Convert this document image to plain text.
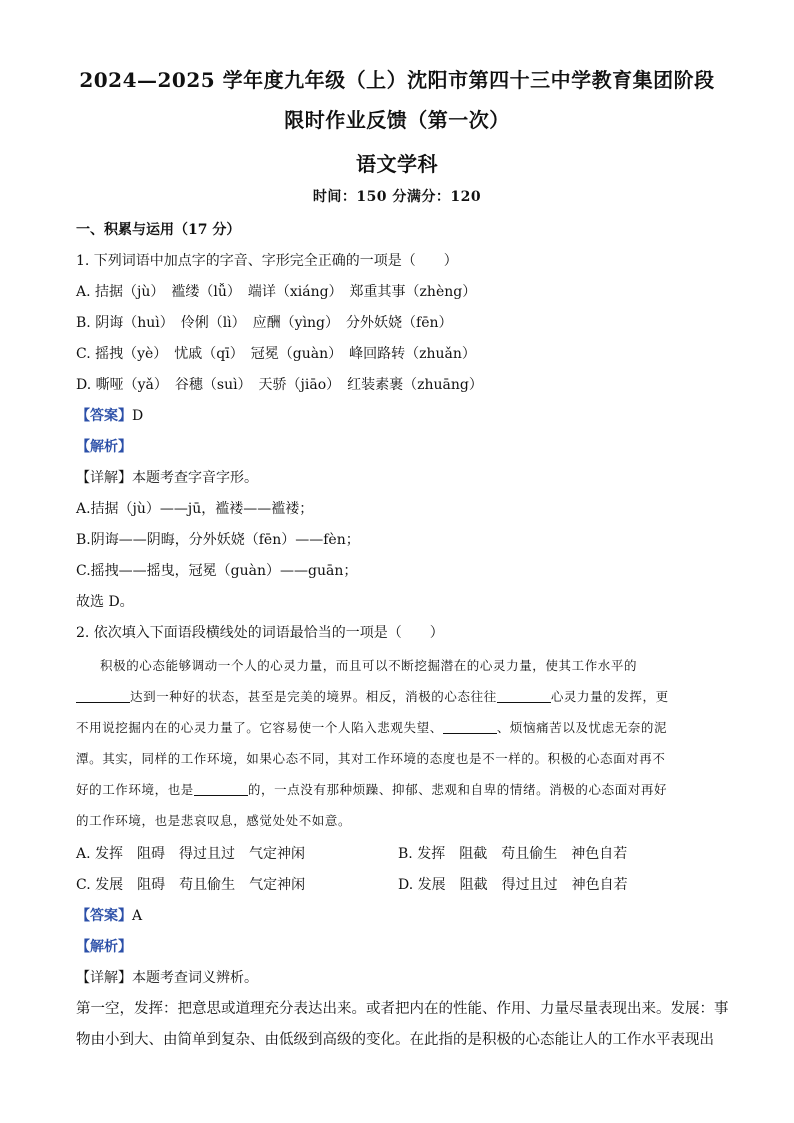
2024—2025 学年度九年级（上）沈阳市第四十三中学教育集团阶段
限时作业反馈（第一次）
语文学科
时间：150 分满分：120
一、积累与运用（17 分）
1. 下列词语中加点字的字音、字形完全正确的一项是（　　）
A. 拮据（jù）　褴缕（lǚ）　端详（xiáng）　郑重其事（zhèng）
B. 阴诲（huì）　伶俐（lì）　应酬（yìng）　分外妖娆（fēn）
C. 摇拽（yè）　忧戚（qī）　冠冕（guàn）　峰回路转（zhuǎn）
D. 嘶哑（yǎ）　谷穗（suì）　天骄（jiāo）　红装素裹（zhuāng）
【答案】D
【解析】
【详解】本题考查字音字形。
A.拮据（jù）——jū，褴褛——褴褛；
B.阴诲——阴晦，分外妖娆（fēn）——fèn；
C.摇拽——摇曳，冠冕（guàn）——guān；
故选 D。
2. 依次填入下面语段横线处的词语最恰当的一项是（　　）
积极的心态能够调动一个人的心灵力量，而且可以不断挖掘潜在的心灵力量，使其工作水平的
达到一种好的状态，甚至是完美的境界。相反，消极的心态往往	心灵力量的发挥，更
不用说挖掘内在的心灵力量了。它容易使一个人陷入悲观失望、	、烦恼痛苦以及忧虑无奈的泥
潭。其实，同样的工作环境，如果心态不同，其对工作环境的态度也是不一样的。积极的心态面对再不
好的工作环境，也是	的，一点没有那种烦躁、抑郁、悲观和自卑的情绪。消极的心态面对再好
的工作环境，也是悲哀叹息，感觉处处不如意。
A. 发挥　阻碍　得过且过　气定神闲	B. 发挥　阻截　苟且偷生　神色自若
C. 发展　阻碍　苟且偷生　气定神闲	D. 发展　阻截　得过且过　神色自若
【答案】A
【解析】
【详解】本题考查词义辨析。
第一空，发挥：把意思或道理充分表达出来。或者把内在的性能、作用、力量尽量表现出来。发展：事
物由小到大、由简单到复杂、由低级到高级的变化。在此指的是积极的心态能让人的工作水平表现出
